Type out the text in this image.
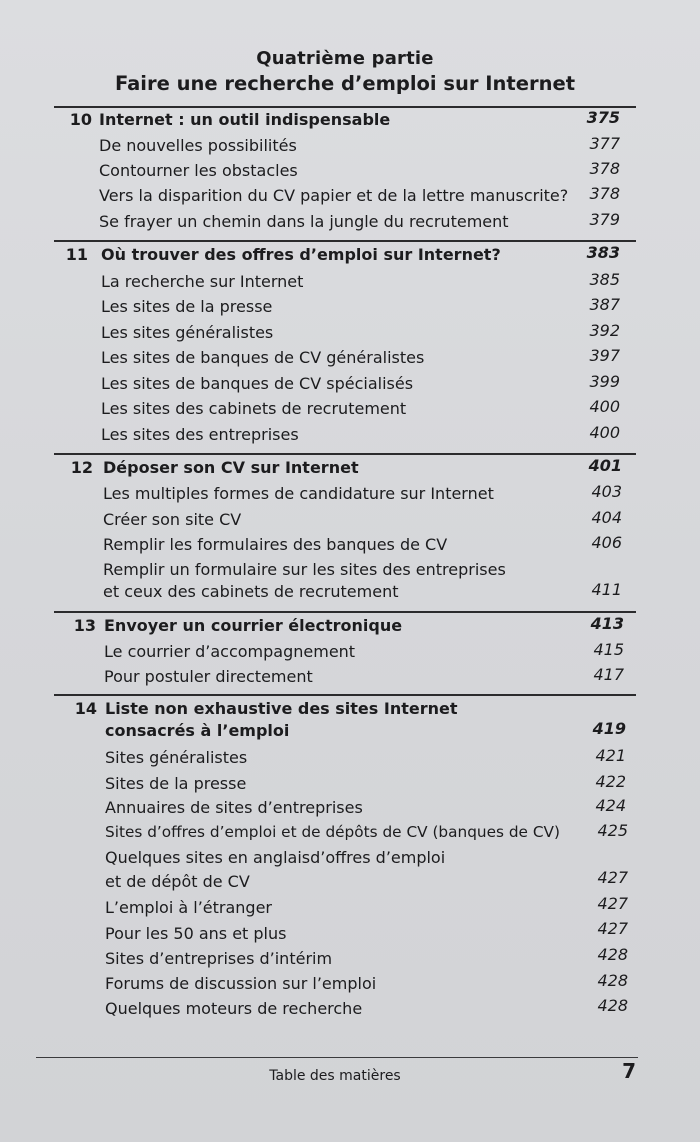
Quatrième partie
Faire une recherche d’emploi sur Internet
10 Internet : un outil indispensable	375
De nouvelles possibilités	377
Contourner les obstacles	378
Vers la disparition du CV papier et de la lettre manuscrite?	378
Se frayer un chemin dans la jungle du recrutement	379
11 Où trouver des offres d’emploi sur Internet?	383
La recherche sur Internet	385
Les sites de la presse	387
Les sites généralistes	392
Les sites de banques de CV généralistes	397
Les sites de banques de CV spécialisés	399
Les sites des cabinets de recrutement	400
Les sites des entreprises	400
12 Déposer son CV sur Internet	401
Les multiples formes de candidature sur Internet	403
Créer son site CV	404
Remplir les formulaires des banques de CV	406
Remplir un formulaire sur les sites des entreprises
et ceux des cabinets de recrutement	411
13 Envoyer un courrier électronique	413
Le courrier d’accompagnement	415
Pour postuler directement	417
14 Liste non exhaustive des sites Internet
consacrés à l’emploi	419
Sites généralistes	421
Sites de la presse	422
Annuaires de sites d’entreprises	424
Sites d’offres d’emploi et de dépôts de CV (banques de CV)	425
Quelques sites en anglaisd’offres d’emploi
et de dépôt de CV	427
L’emploi à l’étranger	427
Pour les 50 ans et plus	427
Sites d’entreprises d’intérim	428
Forums de discussion sur l’emploi	428
Quelques moteurs de recherche	428
Table des matières	7
